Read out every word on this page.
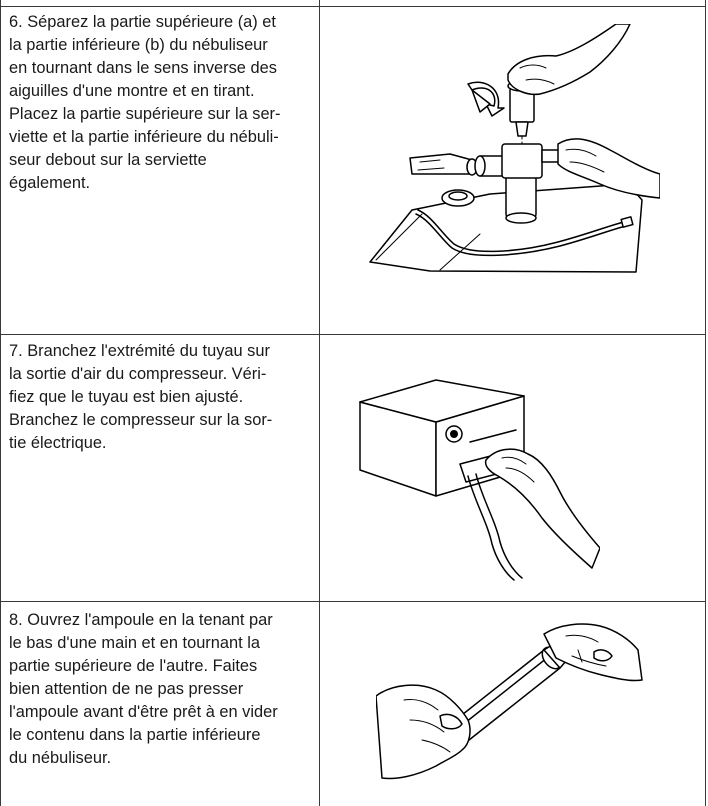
6. Séparez la partie supérieure (a) et
la partie inférieure (b) du nébuliseur
en tournant dans le sens inverse des
aiguilles d'une montre et en tirant.
Placez la partie supérieure sur la ser-
viette et la partie inférieure du nébuli-
seur debout sur la serviette
également.
7. Branchez l'extrémité du tuyau sur
la sortie d'air du compresseur. Véri-
fiez que le tuyau est bien ajusté.
Branchez le compresseur sur la sor-
tie électrique.
8. Ouvrez l'ampoule en la tenant par
le bas d'une main et en tournant la
partie supérieure de l'autre. Faites
bien attention de ne pas presser
l'ampoule avant d'être prêt à en vider
le contenu dans la partie inférieure
du nébuliseur.
